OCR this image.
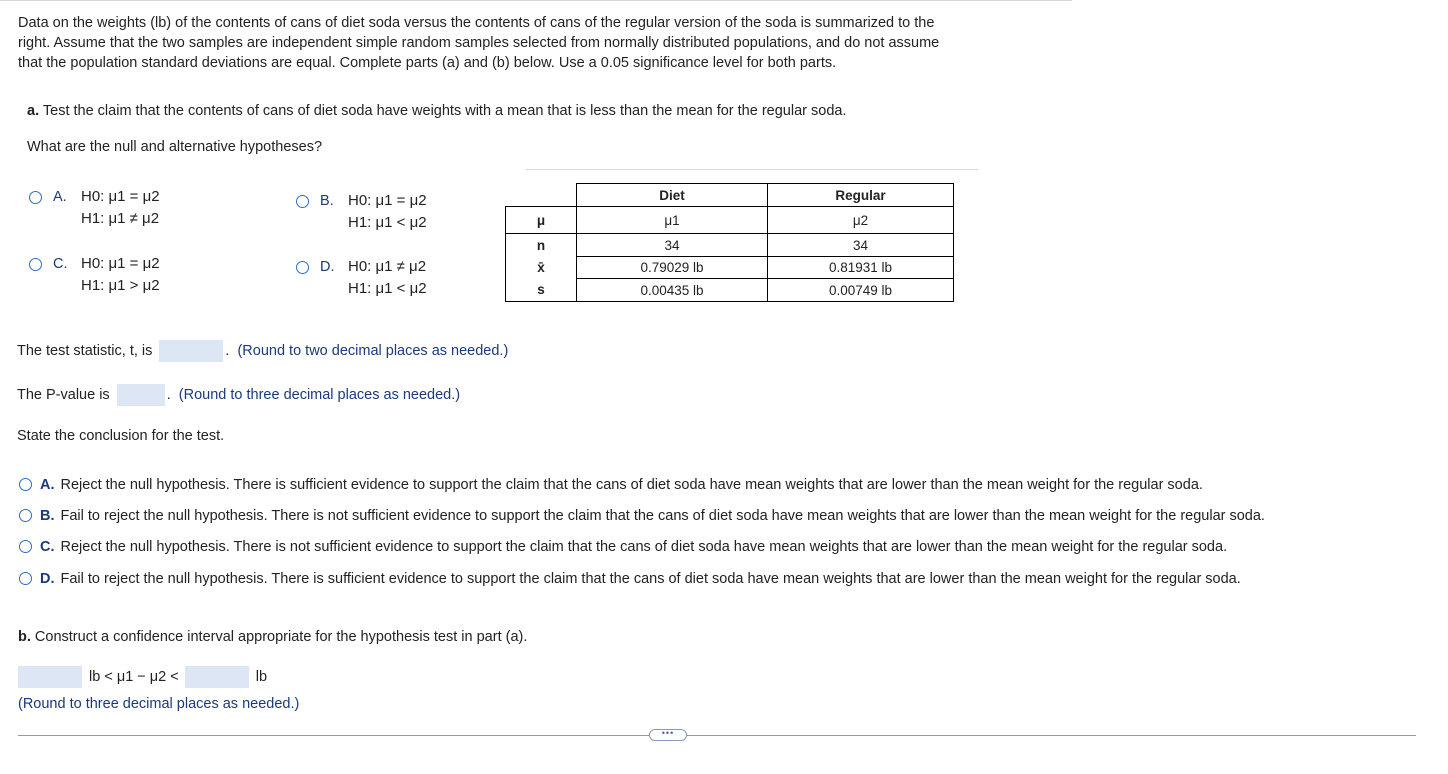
Data on the weights (lb) of the contents of cans of diet soda versus the contents of cans of the regular version of the soda is summarized to the
right. Assume that the two samples are independent simple random samples selected from normally distributed populations, and do not assume
that the population standard deviations are equal. Complete parts (a) and (b) below. Use a 0.05 significance level for both parts.
a. Test the claim that the contents of cans of diet soda have weights with a mean that is less than the mean for the regular soda.
What are the null and alternative hypotheses?
A. H0: μ1 = μ2
H1: μ1 ≠ μ2
B. H0: μ1 = μ2
H1: μ1 < μ2
C. H0: μ1 = μ2
H1: μ1 > μ2
D. H0: μ1 ≠ μ2
H1: μ1 < μ2
	Diet	Regular
μ	μ1	μ2
n	34	34
x̄	0.79029 lb	0.81931 lb
s	0.00435 lb	0.00749 lb
The test statistic, t, is	. (Round to two decimal places as needed.)
The P-value is	. (Round to three decimal places as needed.)
State the conclusion for the test.
A. Reject the null hypothesis. There is sufficient evidence to support the claim that the cans of diet soda have mean weights that are lower than the mean weight for the regular soda.
B. Fail to reject the null hypothesis. There is not sufficient evidence to support the claim that the cans of diet soda have mean weights that are lower than the mean weight for the regular soda.
C. Reject the null hypothesis. There is not sufficient evidence to support the claim that the cans of diet soda have mean weights that are lower than the mean weight for the regular soda.
D. Fail to reject the null hypothesis. There is sufficient evidence to support the claim that the cans of diet soda have mean weights that are lower than the mean weight for the regular soda.
b. Construct a confidence interval appropriate for the hypothesis test in part (a).
lb < μ1 − μ2 <	lb
(Round to three decimal places as needed.)
•••
